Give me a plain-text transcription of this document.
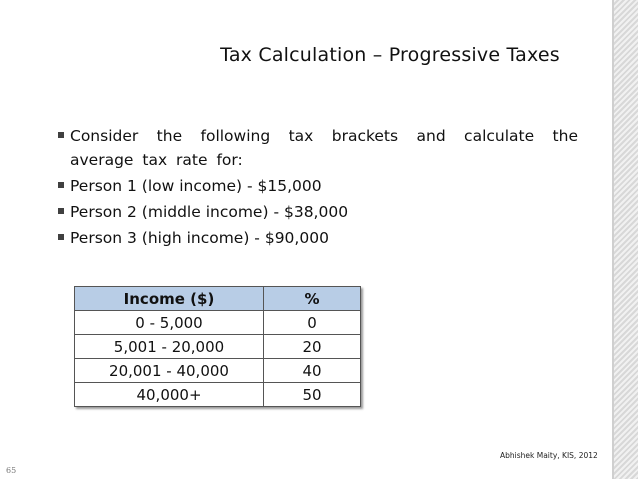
Tax Calculation – Progressive Taxes
Consider the following tax brackets and calculate the average tax rate for:
Person 1 (low income) - $15,000
Person 2 (middle income) - $38,000
Person 3 (high income) - $90,000
Income ($)	%
0 - 5,000	0
5,001 - 20,000	20
20,001 - 40,000	40
40,000+	50
Abhishek Maity, KIS, 2012
65
